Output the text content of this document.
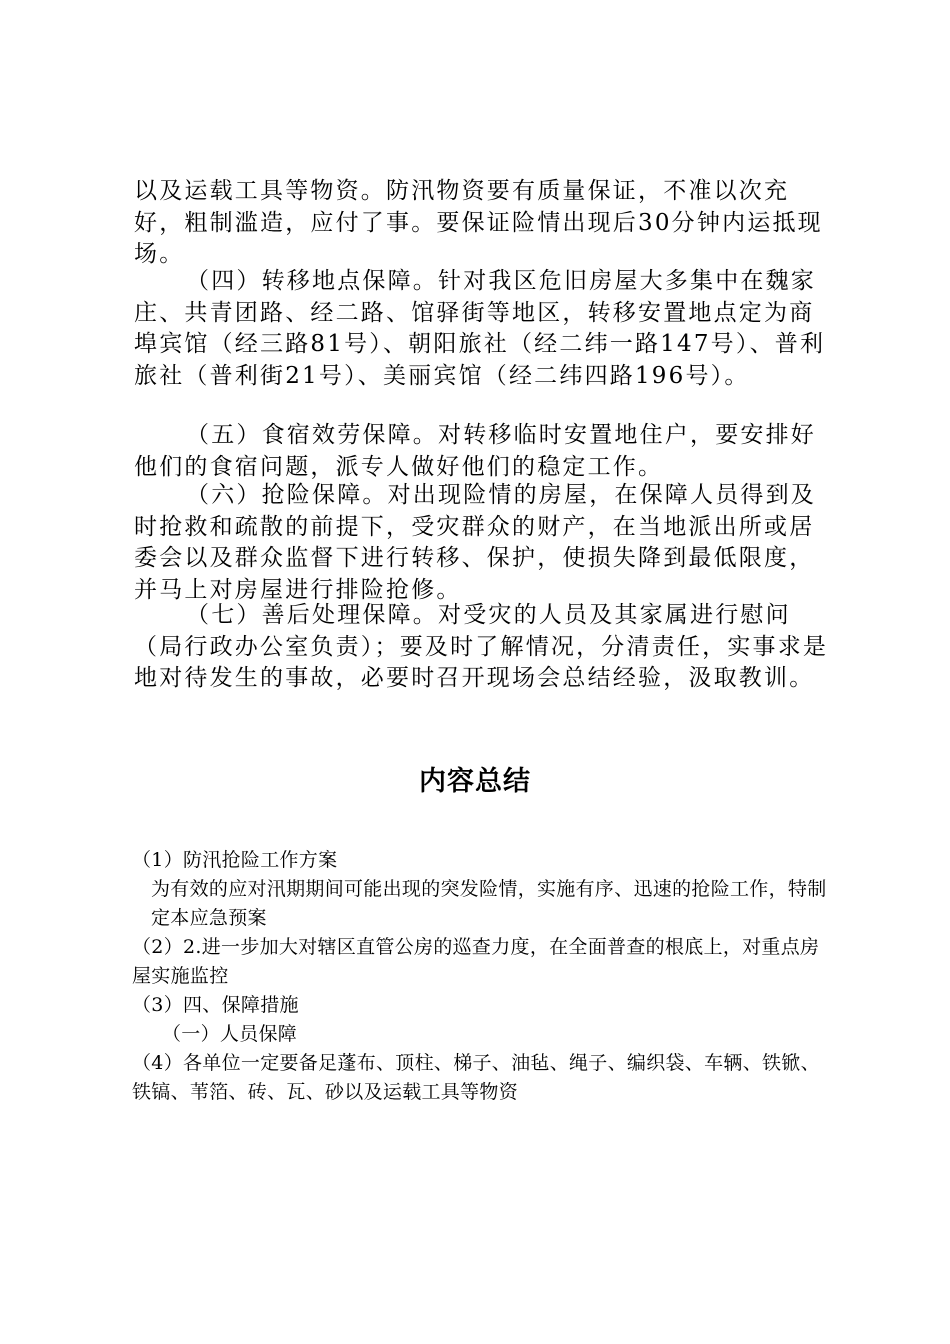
以及运载工具等物资。防汛物资要有质量保证，不准以次充好，粗制滥造，应付了事。要保证险情出现后30分钟内运抵现场。

（四）转移地点保障。针对我区危旧房屋大多集中在魏家庄、共青团路、经二路、馆驿街等地区，转移安置地点定为商埠宾馆（经三路81号）、朝阳旅社（经二纬一路147号）、普利旅社（普利街21号）、美丽宾馆（经二纬四路196号）。

（五）食宿效劳保障。对转移临时安置地住户，要安排好他们的食宿问题，派专人做好他们的稳定工作。

（六）抢险保障。对出现险情的房屋，在保障人员得到及时抢救和疏散的前提下，受灾群众的财产，在当地派出所或居委会以及群众监督下进行转移、保护，使损失降到最低限度，并马上对房屋进行排险抢修。

（七）善后处理保障。对受灾的人员及其家属进行慰问（局行政办公室负责）；要及时了解情况，分清责任，实事求是地对待发生的事故，必要时召开现场会总结经验，汲取教训。

内容总结

（1）防汛抢险工作方案

为有效的应对汛期期间可能出现的突发险情，实施有序、迅速的抢险工作，特制定本应急预案

（2）2.进一步加大对辖区直管公房的巡查力度，在全面普查的根底上，对重点房屋实施监控

（3）四、保障措施

（一）人员保障

（4）各单位一定要备足蓬布、顶柱、梯子、油毡、绳子、编织袋、车辆、铁锨、铁镐、苇箔、砖、瓦、砂以及运载工具等物资
